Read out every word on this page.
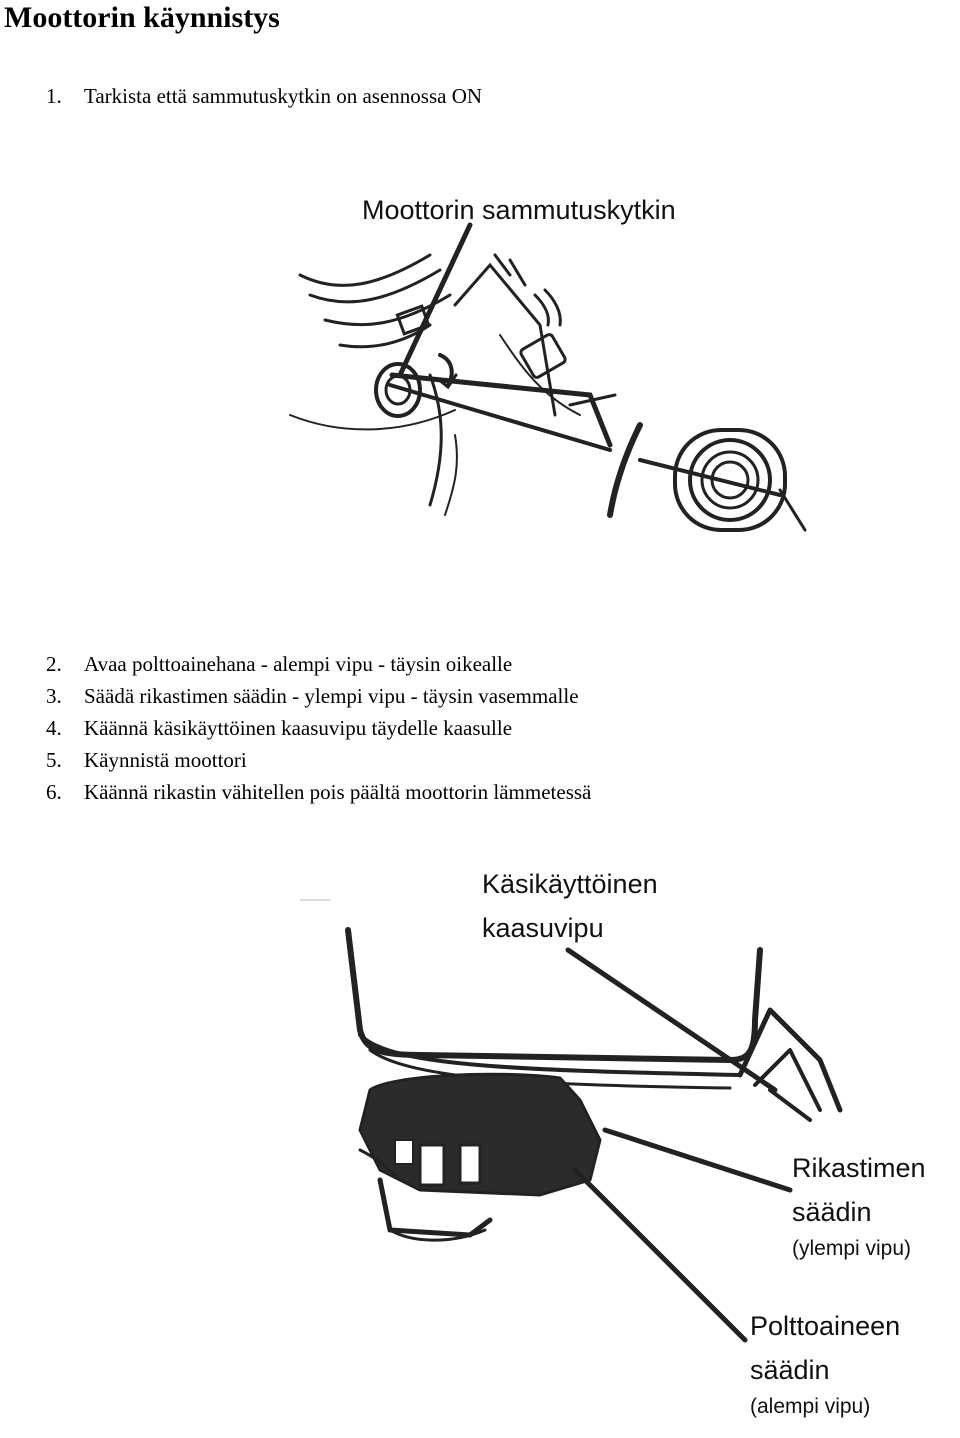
Moottorin käynnistys
1. Tarkista että sammutuskytkin on asennossa ON
Moottorin sammutuskytkin
2. Avaa polttoainehana - alempi vipu - täysin oikealle
3. Säädä rikastimen säädin - ylempi vipu - täysin vasemmalle
4. Käännä käsikäyttöinen kaasuvipu täydelle kaasulle
5. Käynnistä moottori
6. Käännä rikastin vähitellen pois päältä moottorin lämmetessä
Käsikäyttöinen
kaasuvipu
Rikastimen
säädin
(ylempi vipu)
Polttoaineen
säädin
(alempi vipu)
